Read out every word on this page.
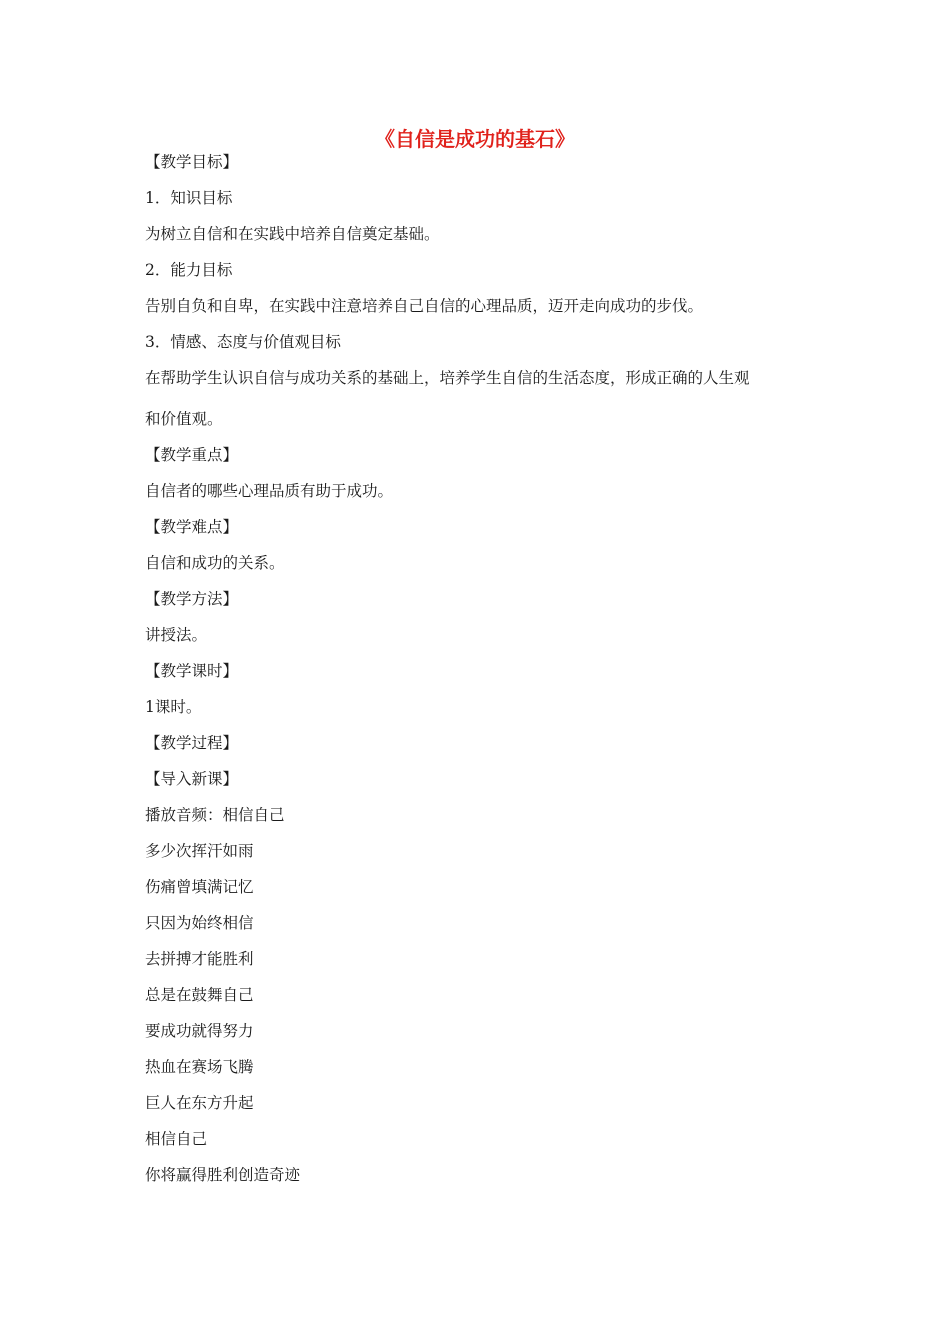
《自信是成功的基石》
【教学目标】
1．知识目标
为树立自信和在实践中培养自信奠定基础。
2．能力目标
告别自负和自卑，在实践中注意培养自己自信的心理品质，迈开走向成功的步伐。
3．情感、态度与价值观目标
在帮助学生认识自信与成功关系的基础上，培养学生自信的生活态度，形成正确的人生观
和价值观。
【教学重点】
自信者的哪些心理品质有助于成功。
【教学难点】
自信和成功的关系。
【教学方法】
讲授法。
【教学课时】
1课时。
【教学过程】
【导入新课】
播放音频：相信自己
多少次挥汗如雨
伤痛曾填满记忆
只因为始终相信
去拼搏才能胜利
总是在鼓舞自己
要成功就得努力
热血在赛场飞腾
巨人在东方升起
相信自己
你将赢得胜利创造奇迹
